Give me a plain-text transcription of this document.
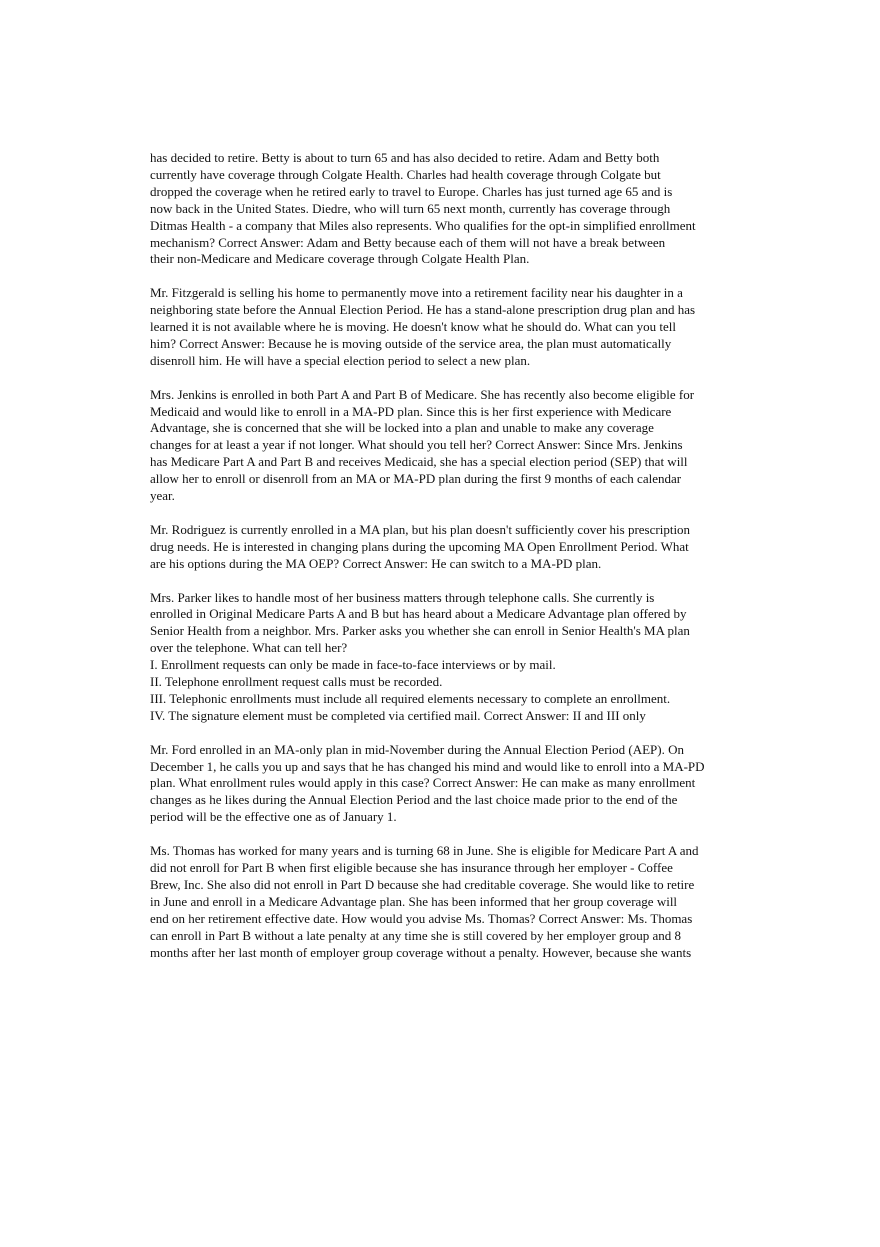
has decided to retire. Betty is about to turn 65 and has also decided to retire. Adam and Betty both
currently have coverage through Colgate Health. Charles had health coverage through Colgate but
dropped the coverage when he retired early to travel to Europe. Charles has just turned age 65 and is
now back in the United States. Diedre, who will turn 65 next month, currently has coverage through
Ditmas Health - a company that Miles also represents. Who qualifies for the opt-in simplified enrollment
mechanism? Correct Answer: Adam and Betty because each of them will not have a break between
their non-Medicare and Medicare coverage through Colgate Health Plan.
Mr. Fitzgerald is selling his home to permanently move into a retirement facility near his daughter in a
neighboring state before the Annual Election Period. He has a stand-alone prescription drug plan and has
learned it is not available where he is moving. He doesn't know what he should do. What can you tell
him? Correct Answer: Because he is moving outside of the service area, the plan must automatically
disenroll him. He will have a special election period to select a new plan.
Mrs. Jenkins is enrolled in both Part A and Part B of Medicare. She has recently also become eligible for
Medicaid and would like to enroll in a MA-PD plan. Since this is her first experience with Medicare
Advantage, she is concerned that she will be locked into a plan and unable to make any coverage
changes for at least a year if not longer. What should you tell her? Correct Answer: Since Mrs. Jenkins
has Medicare Part A and Part B and receives Medicaid, she has a special election period (SEP) that will
allow her to enroll or disenroll from an MA or MA-PD plan during the first 9 months of each calendar
year.
Mr. Rodriguez is currently enrolled in a MA plan, but his plan doesn't sufficiently cover his prescription
drug needs. He is interested in changing plans during the upcoming MA Open Enrollment Period. What
are his options during the MA OEP? Correct Answer: He can switch to a MA-PD plan.
Mrs. Parker likes to handle most of her business matters through telephone calls. She currently is
enrolled in Original Medicare Parts A and B but has heard about a Medicare Advantage plan offered by
Senior Health from a neighbor. Mrs. Parker asks you whether she can enroll in Senior Health's MA plan
over the telephone. What can tell her?
I. Enrollment requests can only be made in face-to-face interviews or by mail.
II. Telephone enrollment request calls must be recorded.
III. Telephonic enrollments must include all required elements necessary to complete an enrollment.
IV. The signature element must be completed via certified mail. Correct Answer: II and III only
Mr. Ford enrolled in an MA-only plan in mid-November during the Annual Election Period (AEP). On
December 1, he calls you up and says that he has changed his mind and would like to enroll into a MA-PD
plan. What enrollment rules would apply in this case? Correct Answer: He can make as many enrollment
changes as he likes during the Annual Election Period and the last choice made prior to the end of the
period will be the effective one as of January 1.
Ms. Thomas has worked for many years and is turning 68 in June. She is eligible for Medicare Part A and
did not enroll for Part B when first eligible because she has insurance through her employer - Coffee
Brew, Inc. She also did not enroll in Part D because she had creditable coverage. She would like to retire
in June and enroll in a Medicare Advantage plan. She has been informed that her group coverage will
end on her retirement effective date. How would you advise Ms. Thomas? Correct Answer: Ms. Thomas
can enroll in Part B without a late penalty at any time she is still covered by her employer group and 8
months after her last month of employer group coverage without a penalty. However, because she wants
